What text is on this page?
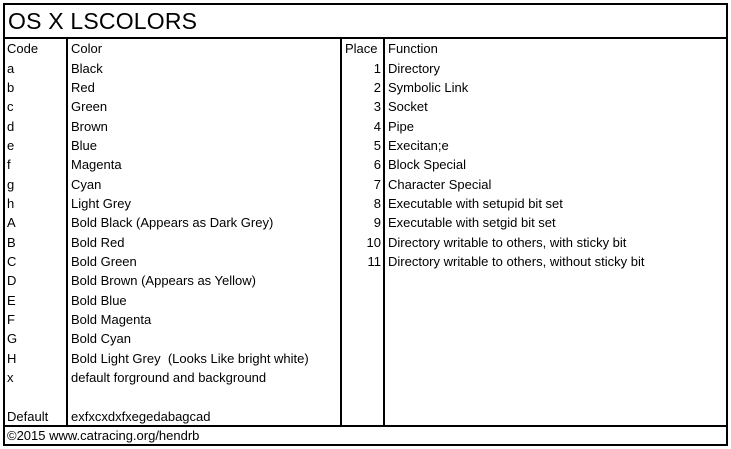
OS X LSCOLORS
Code
a
b
c
d
e
f
g
h
A
B
C
D
E
F
G
H
x
Default
Color
Black
Red
Green
Brown
Blue
Magenta
Cyan
Light Grey
Bold Black (Appears as Dark Grey)
Bold Red
Bold Green
Bold Brown (Appears as Yellow)
Bold Blue
Bold Magenta
Bold Cyan
Bold Light Grey  (Looks Like bright white)
default forground and background
exfxcxdxfxegedabagcad
Place
1
2
3
4
5
6
7
8
9
10
11
Function
Directory
Symbolic Link
Socket
Pipe
Execitan;e
Block Special
Character Special
Executable with setupid bit set
Executable with setgid bit set
Directory writable to others, with sticky bit
Directory writable to others, without sticky bit
©2015 www.catracing.org/hendrb
